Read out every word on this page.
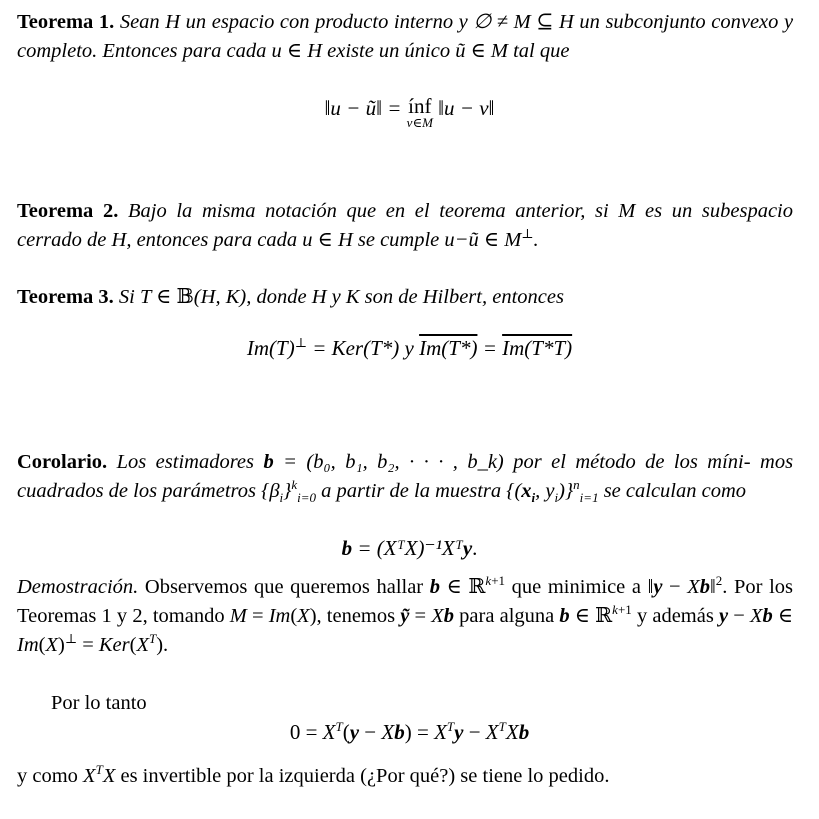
Teorema 1. Sean H un espacio con producto interno y ∅ ≠ M ⊆ H un subconjunto convexo y completo. Entonces para cada u ∈ H existe un único ũ ∈ M tal que
‖u − ũ‖ = ínf
v∈M
‖u − v‖
Teorema 2. Bajo la misma notación que en el teorema anterior, si M es un subespacio cerrado de H, entonces para cada u ∈ H se cumple u−ũ ∈ M⊥.
Teorema 3. Si T ∈ 𝔹(H, K), donde H y K son de Hilbert, entonces
Im(T)⊥ = Ker(T*) y Im(T*) = Im(T*T)
Corolario. Los estimadores b = (b₀, b₁, b₂, · · · , b_k) por el método de los míni- mos cuadrados de los parámetros $\{\beta_i\}^k_{i=0}$ a partir de la muestra {($x_i$, $y_i)\}^n_{i=1}$ se calculan como
b = (XᵀX)⁻¹Xᵀy.
Demostración. Observemos que queremos hallar b ∈ ℝ$^{k+1}$ que minimice a ‖y − Xb‖$^2$. Por los Teoremas 1 y 2, tomando M = Im(X), tenemos ỹ = Xb para alguna b ∈ ℝ$^{k+1}$ y además y − Xb ∈ $Im(X)^\perp = Ker(X^T)$.
Por lo tanto
$0 = X^T(y - Xb) = X^Ty - X^TXb$
y como $X^TX$ es invertible por la izquierda (¿Por qué?) se tiene lo pedido.
